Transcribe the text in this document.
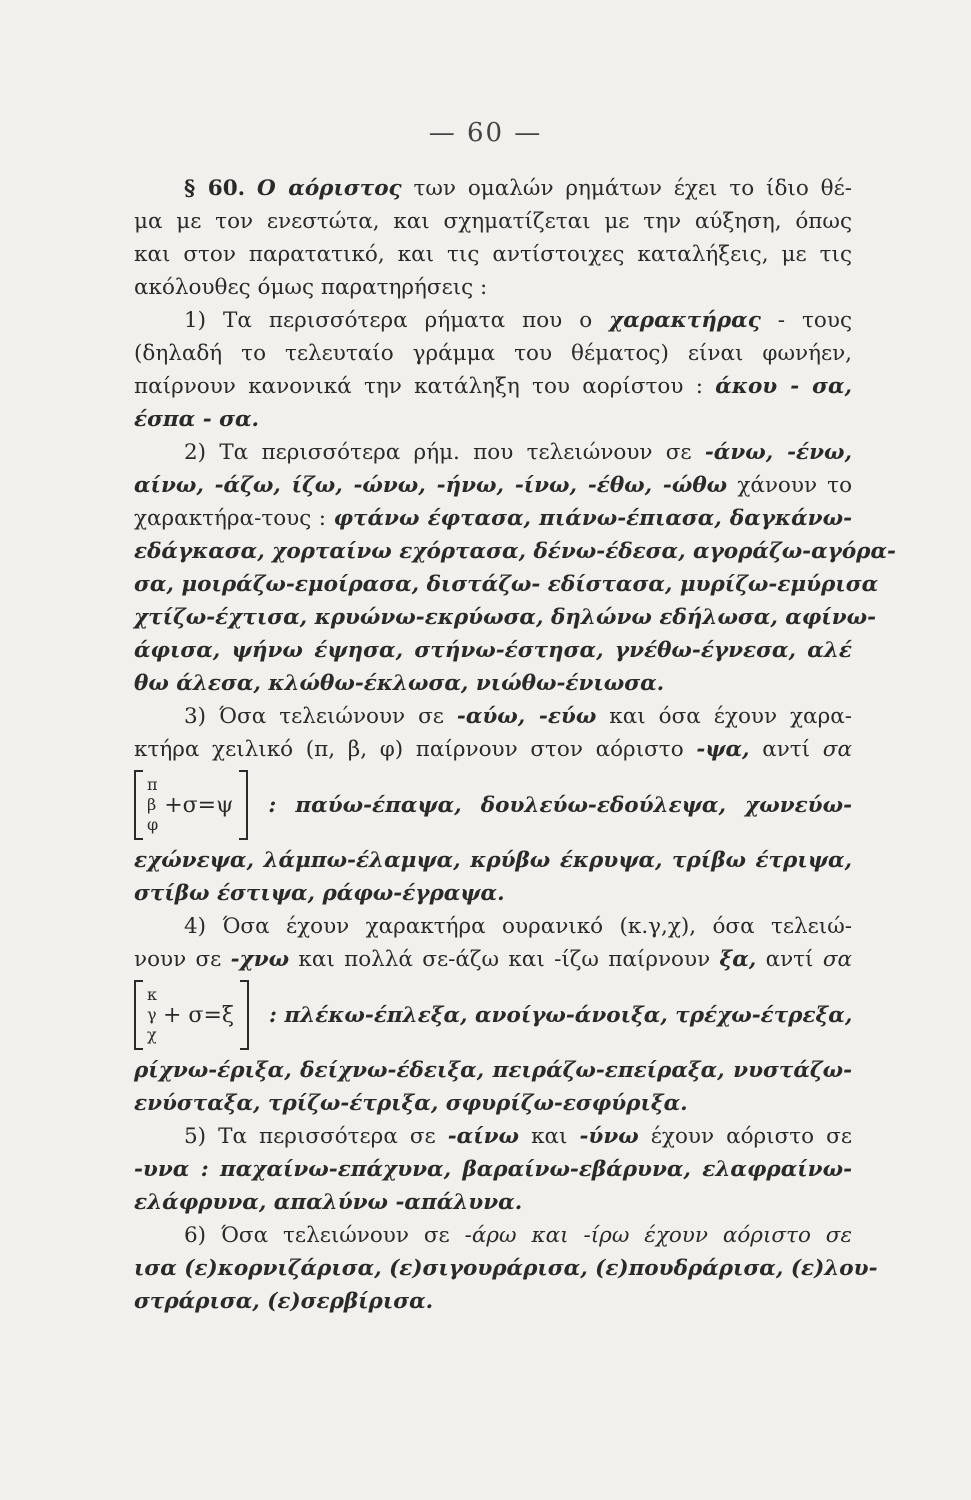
— 60 —
§ 60. Ο αόριστος των ομαλών ρημάτων έχει το ίδιο θέ-
μα με τον ενεστώτα, και σχηματίζεται με την αύξηση, όπως
και στον παρατατικό, και τις αντίστοιχες καταλήξεις, με τις
ακόλουθες όμως παρατηρήσεις :
1) Τα περισσότερα ρήματα που ο χαρακτήρας - τους
(δηλαδή το τελευταίο γράμμα του θέματος) είναι φωνήεν,
παίρνουν κανονικά την κατάληξη του αορίστου : άκου - σα,
έσπα - σα.
2) Τα περισσότερα ρήμ. που τελειώνουν σε -άνω, -ένω,
αίνω, -άζω, ίζω, -ώνω, -ήνω, -ίνω, -έθω, -ώθω χάνουν το
χαρακτήρα-τους : φτάνω έφτασα, πιάνω-έπιασα, δαγκάνω-
εδάγκασα, χορταίνω εχόρτασα, δένω-έδεσα, αγοράζω-αγόρα-
σα, μοιράζω-εμοίρασα, διστάζω- εδίστασα, μυρίζω-εμύρισα
χτίζω-έχτισα, κρυώνω-εκρύωσα, δηλώνω εδήλωσα, αφίνω-
άφισα, ψήνω έψησα, στήνω-έστησα, γνέθω-έγνεσα, αλέ
θω άλεσα, κλώθω-έκλωσα, νιώθω-ένιωσα.
3) Όσα τελειώνουν σε -αύω, -εύω και όσα έχουν χαρα-
κτήρα χειλικό (π, β, φ) παίρνουν στον αόριστο -ψα, αντί σα
π
β
φ
+σ=ψ	: παύω-έπαψα, δουλεύω-εδούλεψα, χωνεύω-
εχώνεψα, λάμπω-έλαμψα, κρύβω έκρυψα, τρίβω έτριψα,
στίβω έστιψα, ράφω-έγραψα.
4) Όσα έχουν χαρακτήρα ουρανικό (κ.γ,χ), όσα τελειώ-
νουν σε -χνω και πολλά σε-άζω και -ίζω παίρνουν ξα, αντί σα
κ
γ
χ
+ σ=ξ	: πλέκω-έπλεξα, ανοίγω-άνοιξα, τρέχω-έτρεξα,
ρίχνω-έριξα, δείχνω-έδειξα, πειράζω-επείραξα, νυστάζω-
ενύσταξα, τρίζω-έτριξα, σφυρίζω-εσφύριξα.
5) Τα περισσότερα σε -αίνω και -ύνω έχουν αόριστο σε
-υνα : παχαίνω-επάχυνα, βαραίνω-εβάρυνα, ελαφραίνω-
ελάφρυνα, απαλύνω -απάλυνα.
6) Όσα τελειώνουν σε -άρω και -ίρω έχουν αόριστο σε
ισα (ε)κορνιζάρισα, (ε)σιγουράρισα, (ε)πουδράρισα, (ε)λου-
στράρισα, (ε)σερβίρισα.
